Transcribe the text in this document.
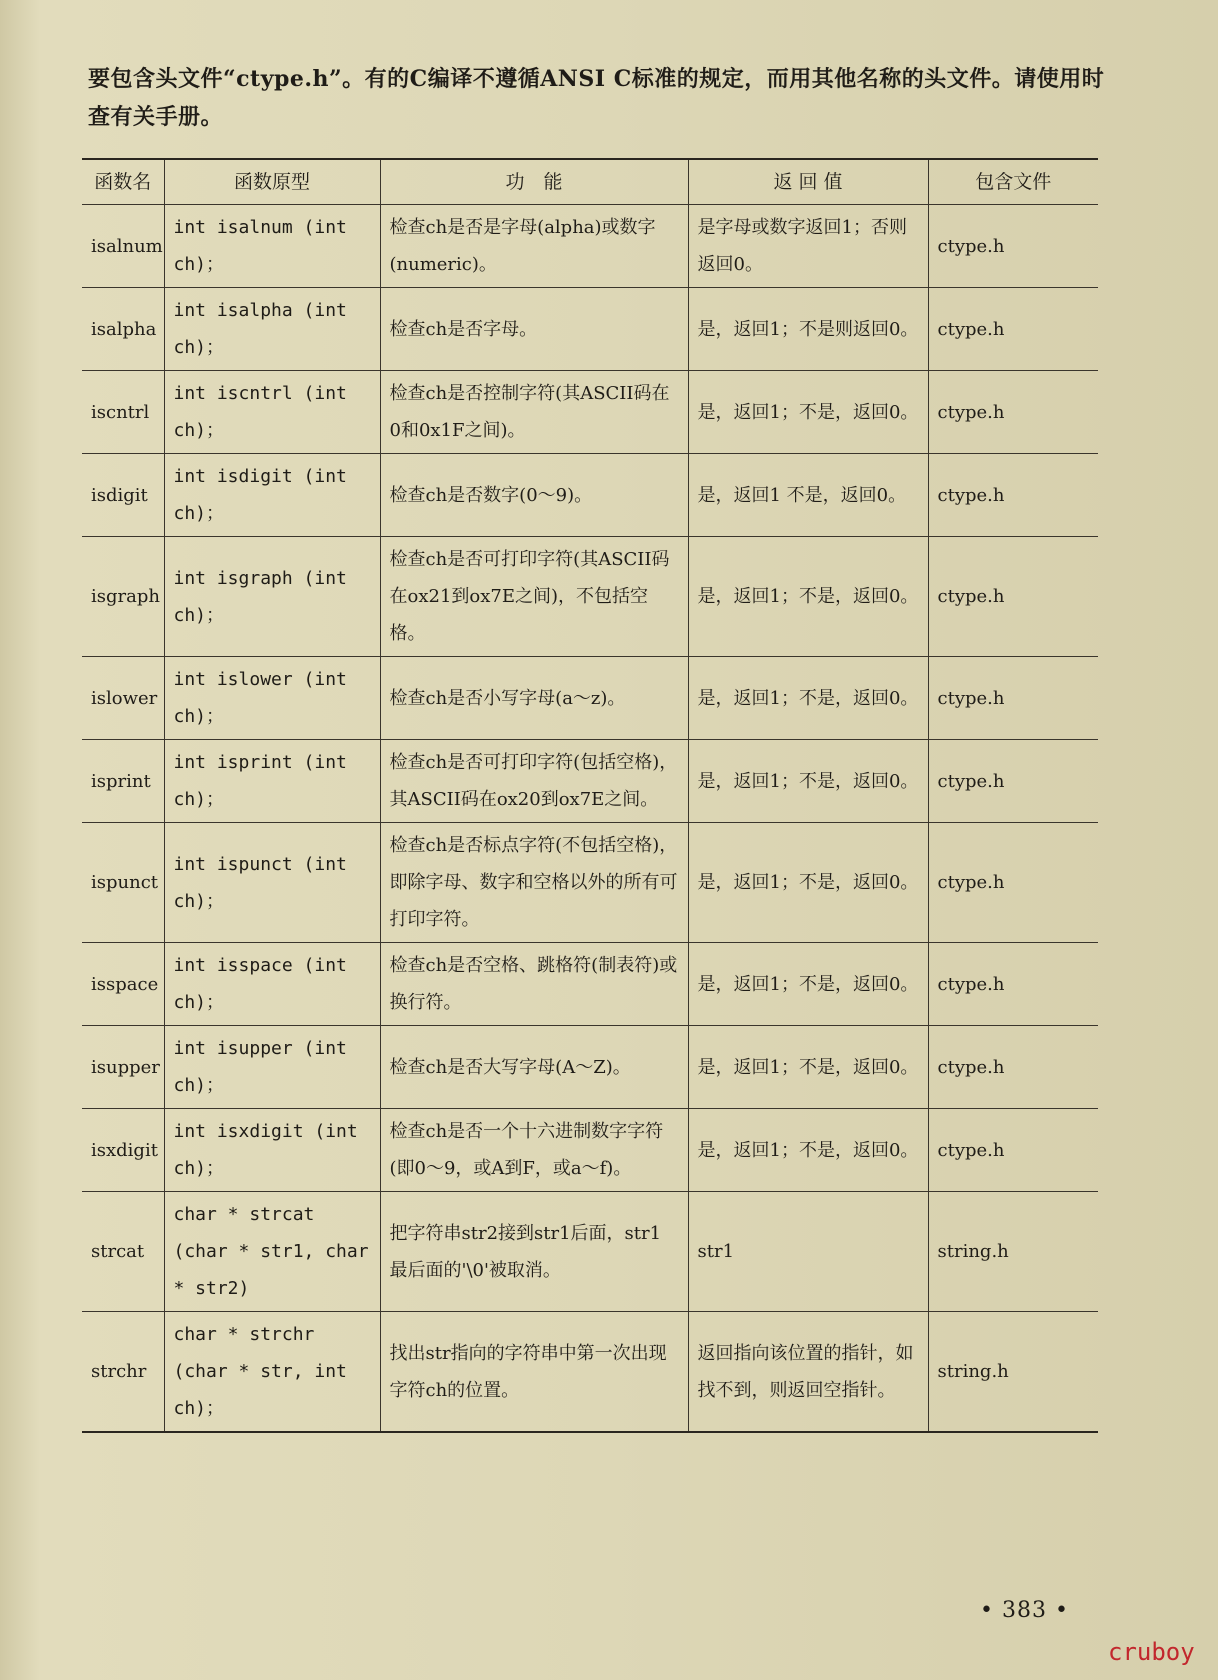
要包含头文件“ctype.h”。有的C编译不遵循ANSI C标准的规定，而用其他名称的头文件。请使用时查有关手册。
函数名	函数原型	功　能	返 回 值	包含文件
isalnum	int isalnum (int ch)；	检查ch是否是字母(alpha)或数字(numeric)。	是字母或数字返回1；否则返回0。	ctype.h
isalpha	int isalpha (int ch)；	检查ch是否字母。	是，返回1；不是则返回0。	ctype.h
iscntrl	int iscntrl (int ch)；	检查ch是否控制字符(其ASCII码在0和0x1F之间)。	是，返回1；不是，返回0。	ctype.h
isdigit	int isdigit (int ch)；	检查ch是否数字(0～9)。	是，返回1 不是，返回0。	ctype.h
isgraph	int isgraph (int ch)；	检查ch是否可打印字符(其ASCII码在ox21到ox7E之间)，不包括空格。	是，返回1；不是，返回0。	ctype.h
islower	int islower (int ch)；	检查ch是否小写字母(a～z)。	是，返回1；不是，返回0。	ctype.h
isprint	int isprint (int ch)；	检查ch是否可打印字符(包括空格)，其ASCII码在ox20到ox7E之间。	是，返回1；不是，返回0。	ctype.h
ispunct	int ispunct (int ch)；	检查ch是否标点字符(不包括空格)，即除字母、数字和空格以外的所有可打印字符。	是，返回1；不是，返回0。	ctype.h
isspace	int isspace (int ch)；	检查ch是否空格、跳格符(制表符)或换行符。	是，返回1；不是，返回0。	ctype.h
isupper	int isupper (int ch)；	检查ch是否大写字母(A～Z)。	是，返回1；不是，返回0。	ctype.h
isxdigit	int isxdigit (int ch)；	检查ch是否一个十六进制数字字符(即0～9，或A到F，或a～f)。	是，返回1；不是，返回0。	ctype.h
strcat	char * strcat (char * str1, char * str2)	把字符串str2接到str1后面，str1最后面的'\0'被取消。	str1	string.h
strchr	char * strchr (char * str, int ch)；	找出str指向的字符串中第一次出现字符ch的位置。	返回指向该位置的指针，如找不到，则返回空指针。	string.h
• 383 •
cruboy
